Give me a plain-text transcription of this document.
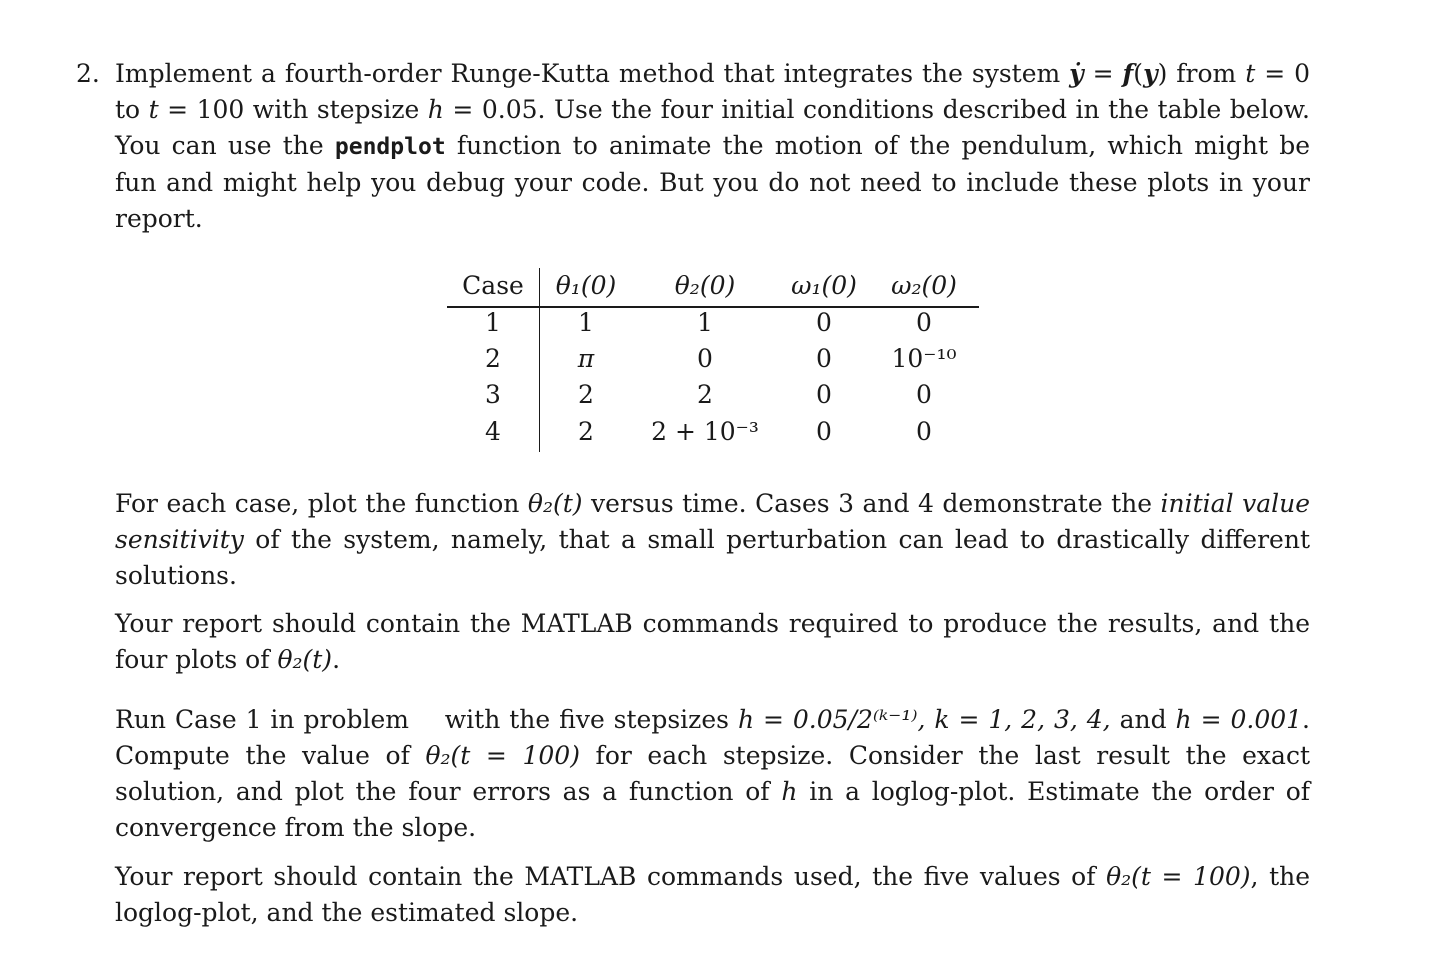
2. Implement a fourth-order Runge-Kutta method that integrates the system ẏ = f(y) from t = 0 to t = 100 with stepsize h = 0.05. Use the four initial conditions described in the table below. You can use the pendplot function to animate the motion of the pendulum, which might be fun and might help you debug your code. But you do not need to include these plots in your report.
Case	θ₁(0)	θ₂(0)	ω₁(0)	ω₂(0)
1	1	1	0	0
2	π	0	0	10⁻¹⁰
3	2	2	0	0
4	2	2 + 10⁻³	0	0
For each case, plot the function θ₂(t) versus time. Cases 3 and 4 demonstrate the initial value sensitivity of the system, namely, that a small perturbation can lead to drastically different solutions.
Your report should contain the MATLAB commands required to produce the results, and the four plots of θ₂(t).
Run Case 1 in problem    with the five stepsizes h = 0.05/2⁽ᵏ⁻¹⁾, k = 1, 2, 3, 4, and h = 0.001. Compute the value of θ₂(t = 100) for each stepsize. Consider the last result the exact solution, and plot the four errors as a function of h in a loglog-plot. Estimate the order of convergence from the slope.
Your report should contain the MATLAB commands used, the five values of θ₂(t = 100), the loglog-plot, and the estimated slope.
